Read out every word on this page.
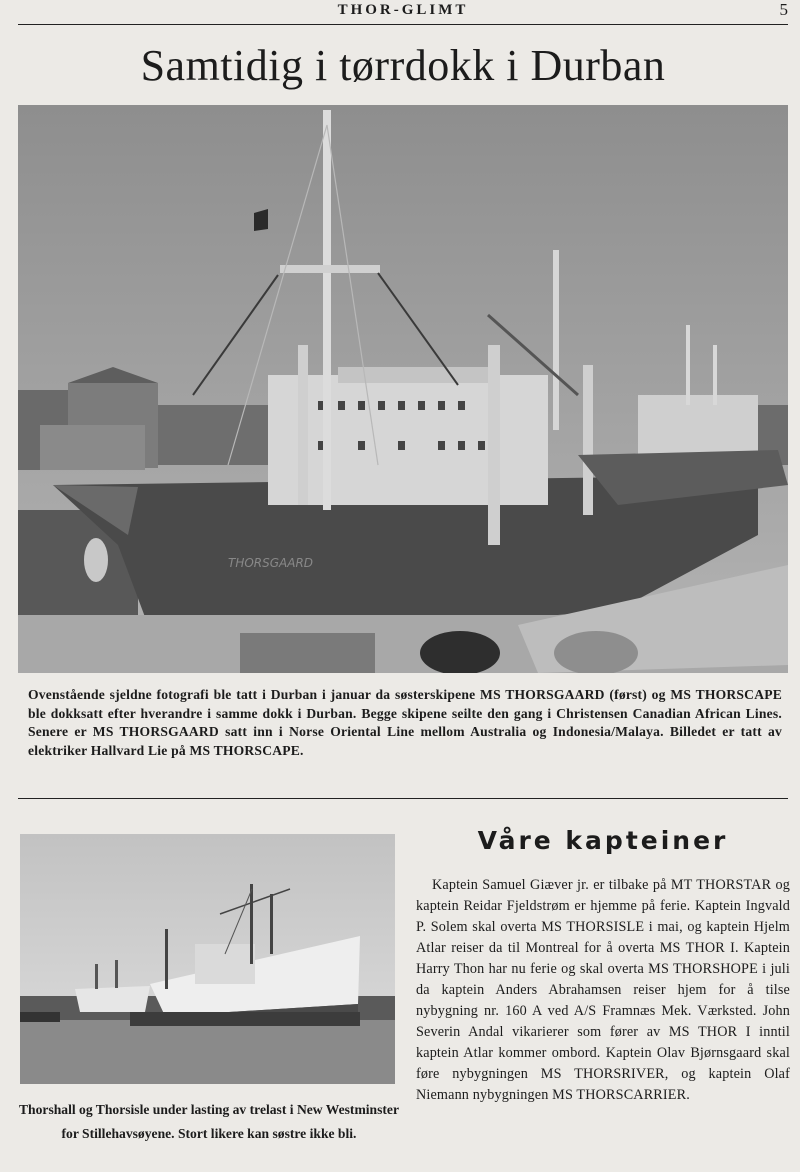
THOR-GLIMT	5
Samtidig i tørrdokk i Durban
THORSGAARD
Ovenstående sjeldne fotografi ble tatt i Durban i januar da søsterskipene MS THORSGAARD (først) og MS THORSCAPE ble dokksatt efter hverandre i samme dokk i Durban. Begge skipene seilte den gang i Christensen Canadian African Lines. Senere er MS THORSGAARD satt inn i Norse Oriental Line mellom Australia og Indonesia/Malaya. Billedet er tatt av elektriker Hallvard Lie på MS THORSCAPE.
Thorshall og Thorsisle under lasting av trelast i New Westminster for Stillehavsøyene. Stort likere kan søstre ikke bli.
Våre kapteiner
Kaptein Samuel Giæver jr. er tilbake på MT THORSTAR og kaptein Reidar Fjeldstrøm er hjemme på ferie. Kaptein Ingvald P. Solem skal overta MS THORSISLE i mai, og kaptein Hjelm Atlar reiser da til Montreal for å overta MS THOR I. Kaptein Harry Thon har nu ferie og skal overta MS THORSHOPE i juli da kaptein Anders Abrahamsen reiser hjem for å tilse nybygning nr. 160 A ved A/S Framnæs Mek. Værksted. John Severin Andal vikarierer som fører av MS THOR I inntil kaptein Atlar kommer ombord. Kaptein Olav Bjørnsgaard skal føre nybygningen MS THORSRIVER, og kaptein Olaf Niemann nybygningen MS THORSCARRIER.
